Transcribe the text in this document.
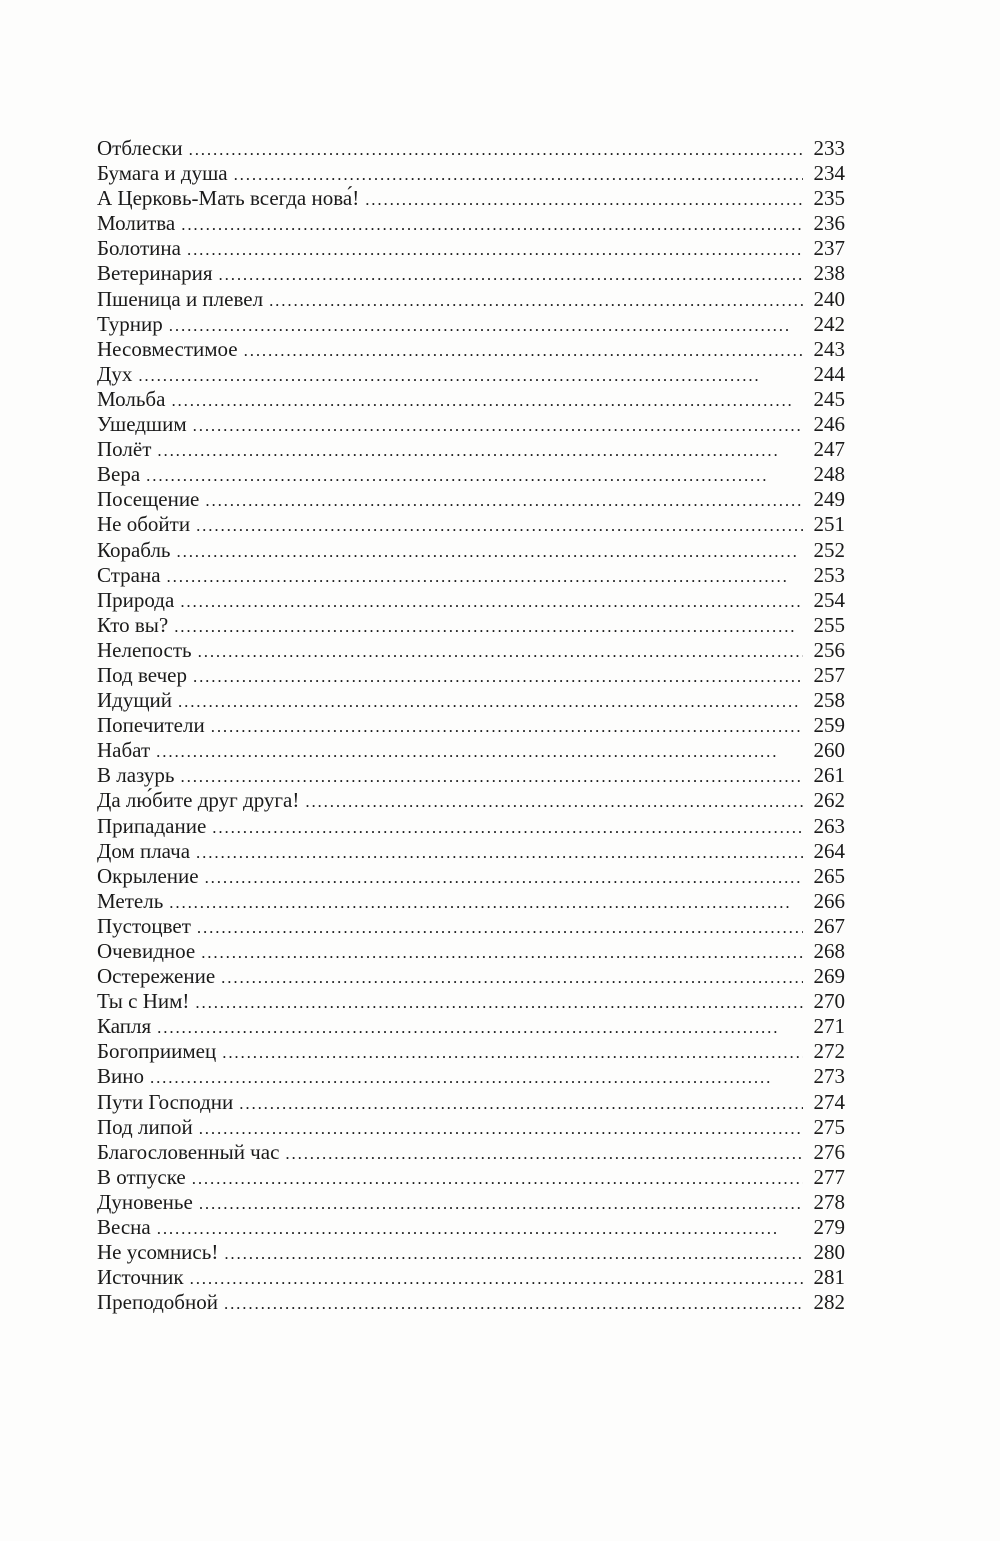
Отблески . . .	233
Бумага и душа . . .	234
А Церковь-Мать всегда нова́! . . .	235
Молитва . . .	236
Болотина . . .	237
Ветеринария . . .	238
Пшеница и плевел . . .	240
Турнир . . .	242
Несовместимое . . .	243
Дух . . .	244
Мольба . . .	245
Ушедшим . . .	246
Полёт . . .	247
Вера . . .	248
Посещение . . .	249
Не обойти . . .	251
Корабль . . .	252
Страна . . .	253
Природа . . .	254
Кто вы? . . .	255
Нелепость . . .	256
Под вечер . . .	257
Идущий . . .	258
Попечители . . .	259
Набат . . .	260
В лазурь . . .	261
Да лю́бите друг друга! . . .	262
Припадание . . .	263
Дом плача . . .	264
Окрыление . . .	265
Метель . . .	266
Пустоцвет . . .	267
Очевидное . . .	268
Остережение . . .	269
Ты с Ним! . . .	270
Капля . . .	271
Богоприимец . . .	272
Вино . . .	273
Пути Господни . . .	274
Под липой . . .	275
Благословенный час . . .	276
В отпуске . . .	277
Дуновенье . . .	278
Весна . . .	279
Не усомнись! . . .	280
Источник . . .	281
Преподобной . . .	282
